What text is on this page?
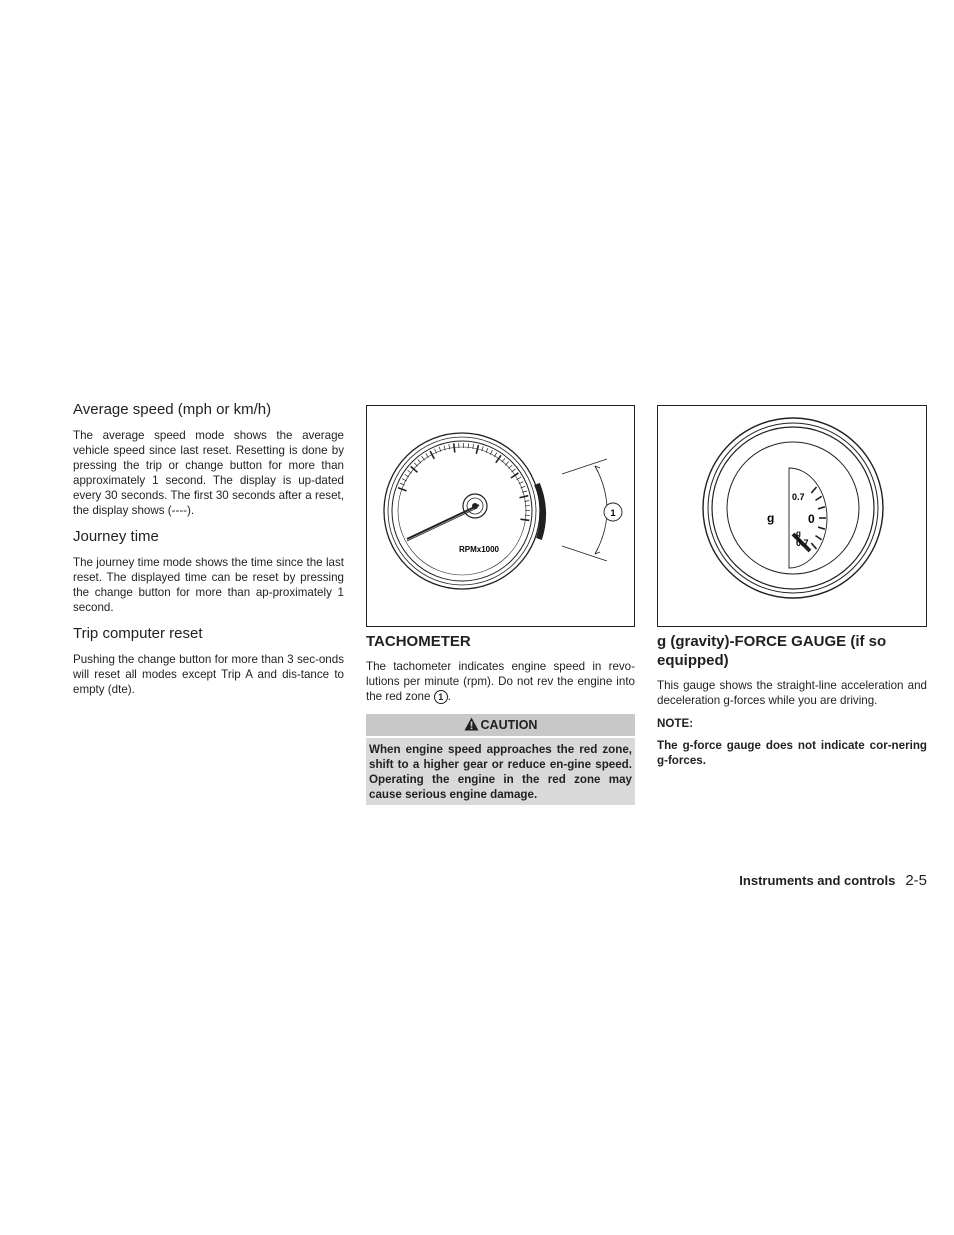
Average speed (mph or km/h)

The average speed mode shows the average vehicle speed since last reset. Resetting is done by pressing the trip or change button for more than approximately 1 second. The display is up-dated every 30 seconds. The first 30 seconds after a reset, the display shows (----).

Journey time

The journey time mode shows the time since the last reset. The displayed time can be reset by pressing the change button for more than ap-proximately 1 second.

Trip computer reset

Pushing the change button for more than 3 sec-onds will reset all modes except Trip A and dis-tance to empty (dte).

RPMx1000
1
TACHOMETER

The tachometer indicates engine speed in revo-lutions per minute (rpm). Do not rev the engine into the red zone 1 .

CAUTION
When engine speed approaches the red zone, shift to a higher gear or reduce en-gine speed. Operating the engine in the red zone may cause serious engine damage.
0.7
g	0
g
0.7
g (gravity)-FORCE GAUGE (if so equipped)

This gauge shows the straight-line acceleration and deceleration g-forces while you are driving.

NOTE:

The g-force gauge does not indicate cor-nering g-forces.

Instruments and controls 2-5
